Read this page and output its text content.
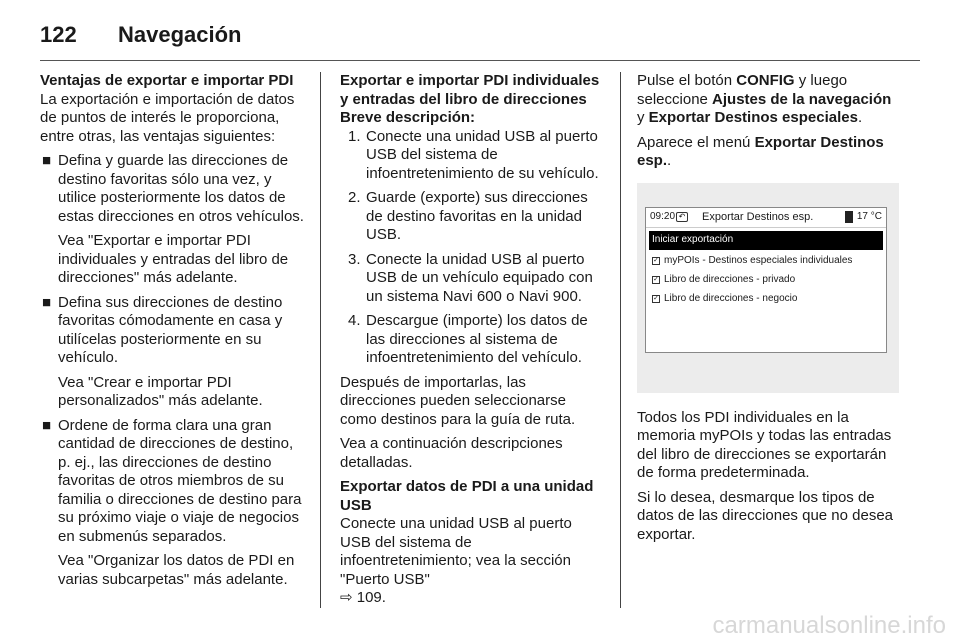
122	Navegación
Ventajas de exportar e importar PDI

La exportación e importación de datos de puntos de interés le proporciona, entre otras, las ventajas siguientes:

■ Defina y guarde las direcciones de destino favoritas sólo una vez, y utilice posteriormente los datos de estas direcciones en otros vehículos.
Vea "Exportar e importar PDI individuales y entradas del libro de direcciones" más adelante.
■ Defina sus direcciones de destino favoritas cómodamente en casa y utilícelas posteriormente en su vehículo.
Vea "Crear e importar PDI personalizados" más adelante.
■ Ordene de forma clara una gran cantidad de direcciones de destino, p. ej., las direcciones de destino favoritas de otros miembros de su familia o direcciones de destino para su próximo viaje o viaje de negocios en submenús separados.
Vea "Organizar los datos de PDI en varias subcarpetas" más adelante.
Exportar e importar PDI individuales y entradas del libro de direcciones
Breve descripción:
1. Conecte una unidad USB al puerto USB del sistema de infoentretenimiento de su vehículo.
2. Guarde (exporte) sus direcciones de destino favoritas en la unidad USB.
3. Conecte la unidad USB al puerto USB de un vehículo equipado con un sistema Navi 600 o Navi 900.
4. Descargue (importe) los datos de las direcciones al sistema de infoentretenimiento del vehículo.

Después de importarlas, las direcciones pueden seleccionarse como destinos para la guía de ruta.

Vea a continuación descripciones detalladas.

Exportar datos de PDI a una unidad USB

Conecte una unidad USB al puerto USB del sistema de infoentretenimiento; vea la sección "Puerto USB"
⇨ 109.

Pulse el botón CONFIG y luego seleccione Ajustes de la navegación y Exportar Destinos especiales.

Aparece el menú Exportar Destinos esp..

09:20 ↶ Exportar Destinos esp.	17 °C
Iniciar exportación
✓ myPOIs - Destinos especiales individuales
✓ Libro de direcciones - privado
✓ Libro de direcciones - negocio

Todos los PDI individuales en la memoria myPOIs y todas las entradas del libro de direcciones se exportarán de forma predeterminada.

Si lo desea, desmarque los tipos de datos de las direcciones que no desea exportar.

carmanualsonline.info
